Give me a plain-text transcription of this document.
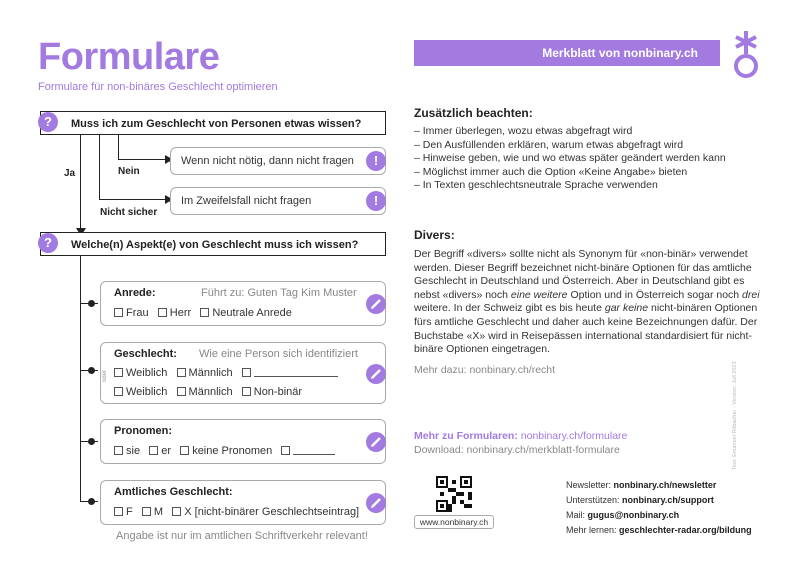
Formulare
Formulare für non-binäres Geschlecht optimieren
Merkblatt von nonbinary.ch
Nein
Nicht sicher
Ja
Muss ich zum Geschlecht von Personen etwas wissen?
?
Wenn nicht nötig, dann nicht fragen	!
Im Zweifelsfall nicht fragen	!
Welche(n) Aspekt(e) von Geschlecht muss ich wissen?
?
Anrede:	Führt zu: Guten Tag Kim Muster
Frau Herr Neutrale Anrede
Geschlecht: Wie eine Person sich identifiziert
Weiblich Männlich
Weiblich Männlich Non-binär
oder
Pronomen:
sie er keine Pronomen
Amtliches Geschlecht:
F M X [nicht-binärer Geschlechtseintrag]
Angabe ist nur im amtlichen Schriftverkehr relevant!
Zusätzlich beachten:
– Immer überlegen, wozu etwas abgefragt wird
– Den Ausfüllenden erklären, warum etwas abgefragt wird
– Hinweise geben, wie und wo etwas später geändert werden kann
– Möglichst immer auch die Option «Keine Angabe» bieten
– In Texten geschlechtsneutrale Sprache verwenden
Divers:
Der Begriff «divers» sollte nicht als Synonym für «non-binär» verwendet werden. Dieser Begriff bezeichnet nicht-binäre Optionen für das amtliche Geschlecht in Deutschland und Österreich. Aber in Deutschland gibt es nebst «divers» noch eine weitere Option und in Österreich sogar noch drei weitere. In der Schweiz gibt es bis heute gar keine nicht-binären Optionen fürs amtliche Geschlecht und daher auch keine Bezeichnungen dafür. Der Buchstabe «X» wird in Reisepässen international standardisiert für nicht-binäre Optionen eingetragen.
Mehr dazu: nonbinary.ch/recht
Mehr zu Formularen: nonbinary.ch/formulare
Download: nonbinary.ch/merkblatt-formulare
www.nonbinary.ch
Newsletter: nonbinary.ch/newsletter
Unterstützen: nonbinary.ch/support
Mail: gugus@nonbinary.ch
Mehr lernen: geschlechter-radar.org/bildung
Text: Emanuel Röbacher · Version: Juli 2023
